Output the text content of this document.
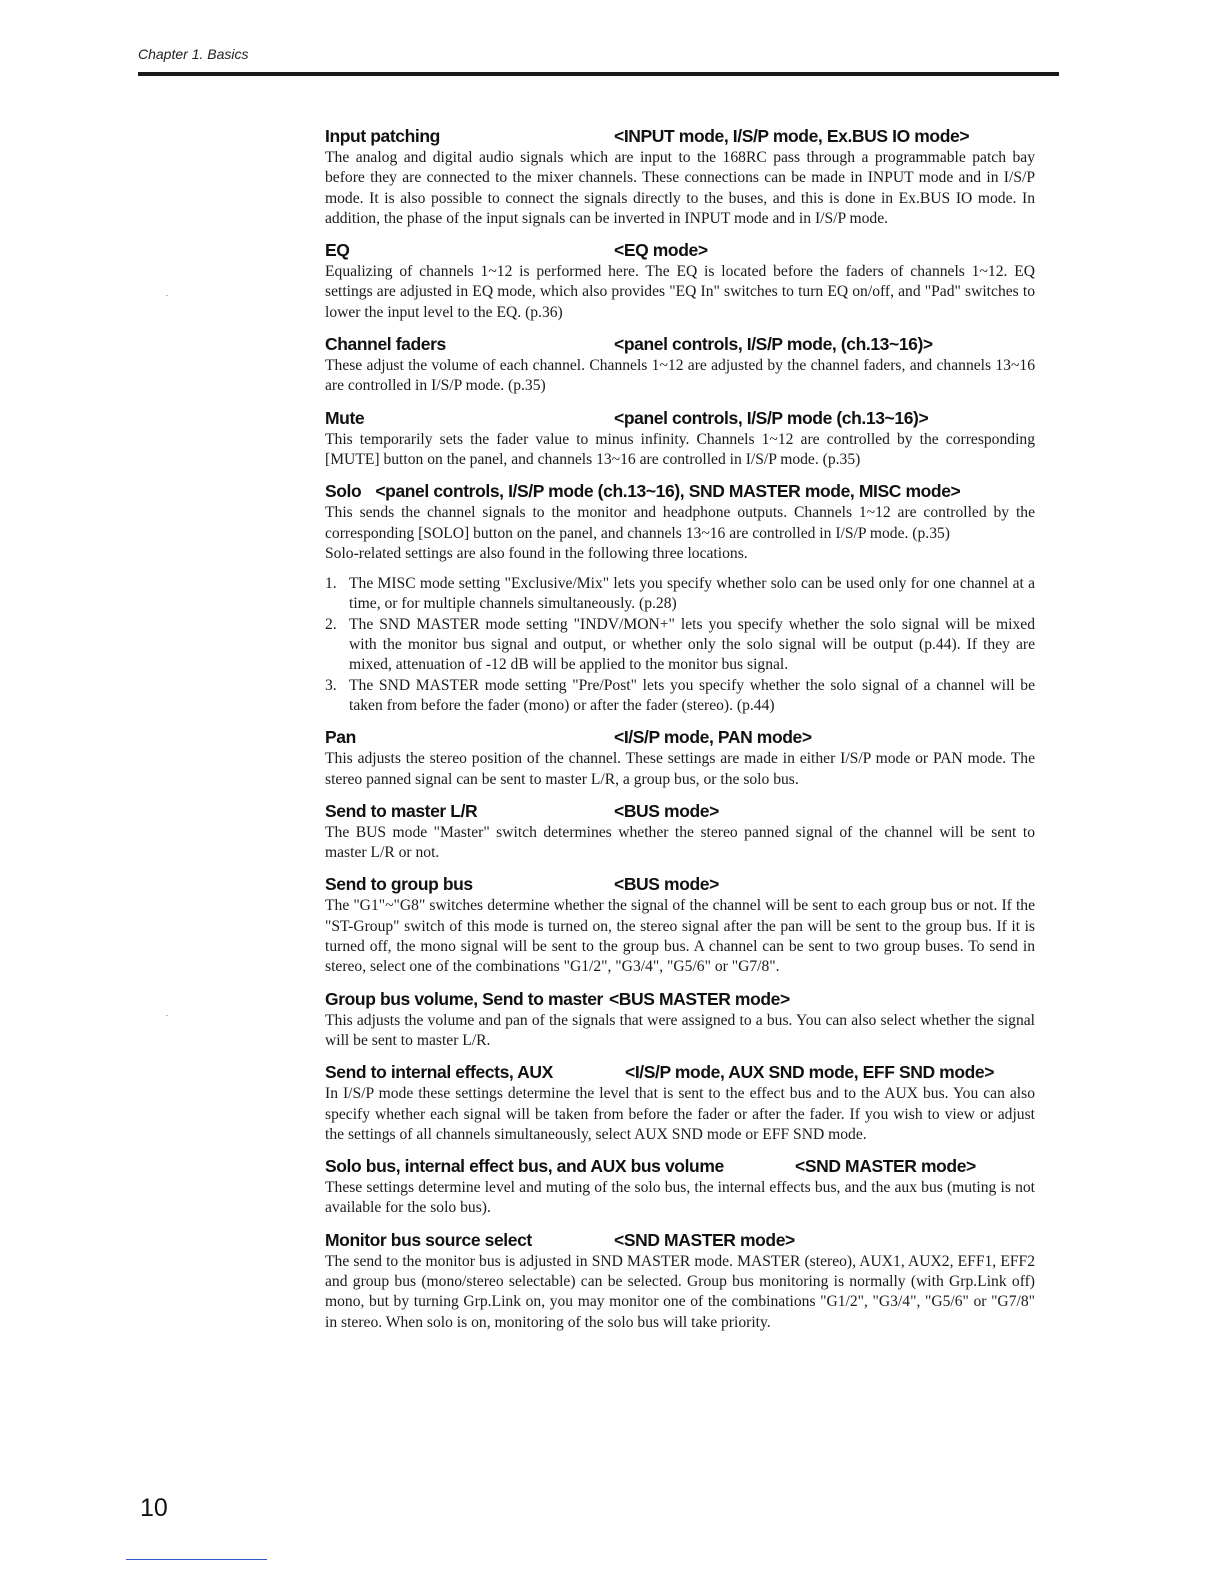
Chapter 1. Basics
Input patching	<INPUT mode, I/S/P mode, Ex.BUS IO mode>

The analog and digital audio signals which are input to the 168RC pass through a programmable patch bay before they are connected to the mixer channels. These connections can be made in INPUT mode and in I/S/P mode. It is also possible to connect the signals directly to the buses, and this is done in Ex.BUS IO mode. In addition, the phase of the input signals can be inverted in INPUT mode and in I/S/P mode.

EQ	<EQ mode>

Equalizing of channels 1~12 is performed here. The EQ is located before the faders of channels 1~12. EQ settings are adjusted in EQ mode, which also provides "EQ In" switches to turn EQ on/off, and "Pad" switches to lower the input level to the EQ. (p.36)

Channel faders	<panel controls, I/S/P mode, (ch.13~16)>

These adjust the volume of each channel. Channels 1~12 are adjusted by the channel faders, and channels 13~16 are controlled in I/S/P mode. (p.35)

Mute	<panel controls, I/S/P mode (ch.13~16)>

This temporarily sets the fader value to minus infinity. Channels 1~12 are controlled by the corresponding [MUTE] button on the panel, and channels 13~16 are controlled in I/S/P mode. (p.35)

Solo <panel controls, I/S/P mode (ch.13~16), SND MASTER mode, MISC mode>

This sends the channel signals to the monitor and headphone outputs. Channels 1~12 are controlled by the corresponding [SOLO] button on the panel, and channels 13~16 are controlled in I/S/P mode. (p.35)

Solo-related settings are also found in the following three locations.

1. The MISC mode setting "Exclusive/Mix" lets you specify whether solo can be used only for one channel at a time, or for multiple channels simultaneously. (p.28)
2. The SND MASTER mode setting "INDV/MON+" lets you specify whether the solo signal will be mixed with the monitor bus signal and output, or whether only the solo signal will be output (p.44). If they are mixed, attenuation of -12 dB will be applied to the monitor bus signal.
3. The SND MASTER mode setting "Pre/Post" lets you specify whether the solo signal of a channel will be taken from before the fader (mono) or after the fader (stereo). (p.44)
Pan	<I/S/P mode, PAN mode>

This adjusts the stereo position of the channel. These settings are made in either I/S/P mode or PAN mode. The stereo panned signal can be sent to master L/R, a group bus, or the solo bus.

Send to master L/R	<BUS mode>

The BUS mode "Master" switch determines whether the stereo panned signal of the channel will be sent to master L/R or not.

Send to group bus	<BUS mode>

The "G1"~"G8" switches determine whether the signal of the channel will be sent to each group bus or not. If the "ST-Group" switch of this mode is turned on, the stereo signal after the pan will be sent to the group bus. If it is turned off, the mono signal will be sent to the group bus. A channel can be sent to two group buses. To send in stereo, select one of the combinations "G1/2", "G3/4", "G5/6" or "G7/8".

Group bus volume, Send to master <BUS MASTER mode>

This adjusts the volume and pan of the signals that were assigned to a bus. You can also select whether the signal will be sent to master L/R.

Send to internal effects, AUX	<I/S/P mode, AUX SND mode, EFF SND mode>

In I/S/P mode these settings determine the level that is sent to the effect bus and to the AUX bus. You can also specify whether each signal will be taken from before the fader or after the fader. If you wish to view or adjust the settings of all channels simultaneously, select AUX SND mode or EFF SND mode.

Solo bus, internal effect bus, and AUX bus volume	<SND MASTER mode>

These settings determine level and muting of the solo bus, the internal effects bus, and the aux bus (muting is not available for the solo bus).

Monitor bus source select	<SND MASTER mode>

The send to the monitor bus is adjusted in SND MASTER mode. MASTER (stereo), AUX1, AUX2, EFF1, EFF2 and group bus (mono/stereo selectable) can be selected. Group bus monitoring is normally (with Grp.Link off) mono, but by turning Grp.Link on, you may monitor one of the combinations "G1/2", "G3/4", "G5/6" or "G7/8" in stereo. When solo is on, monitoring of the solo bus will take priority.

10
